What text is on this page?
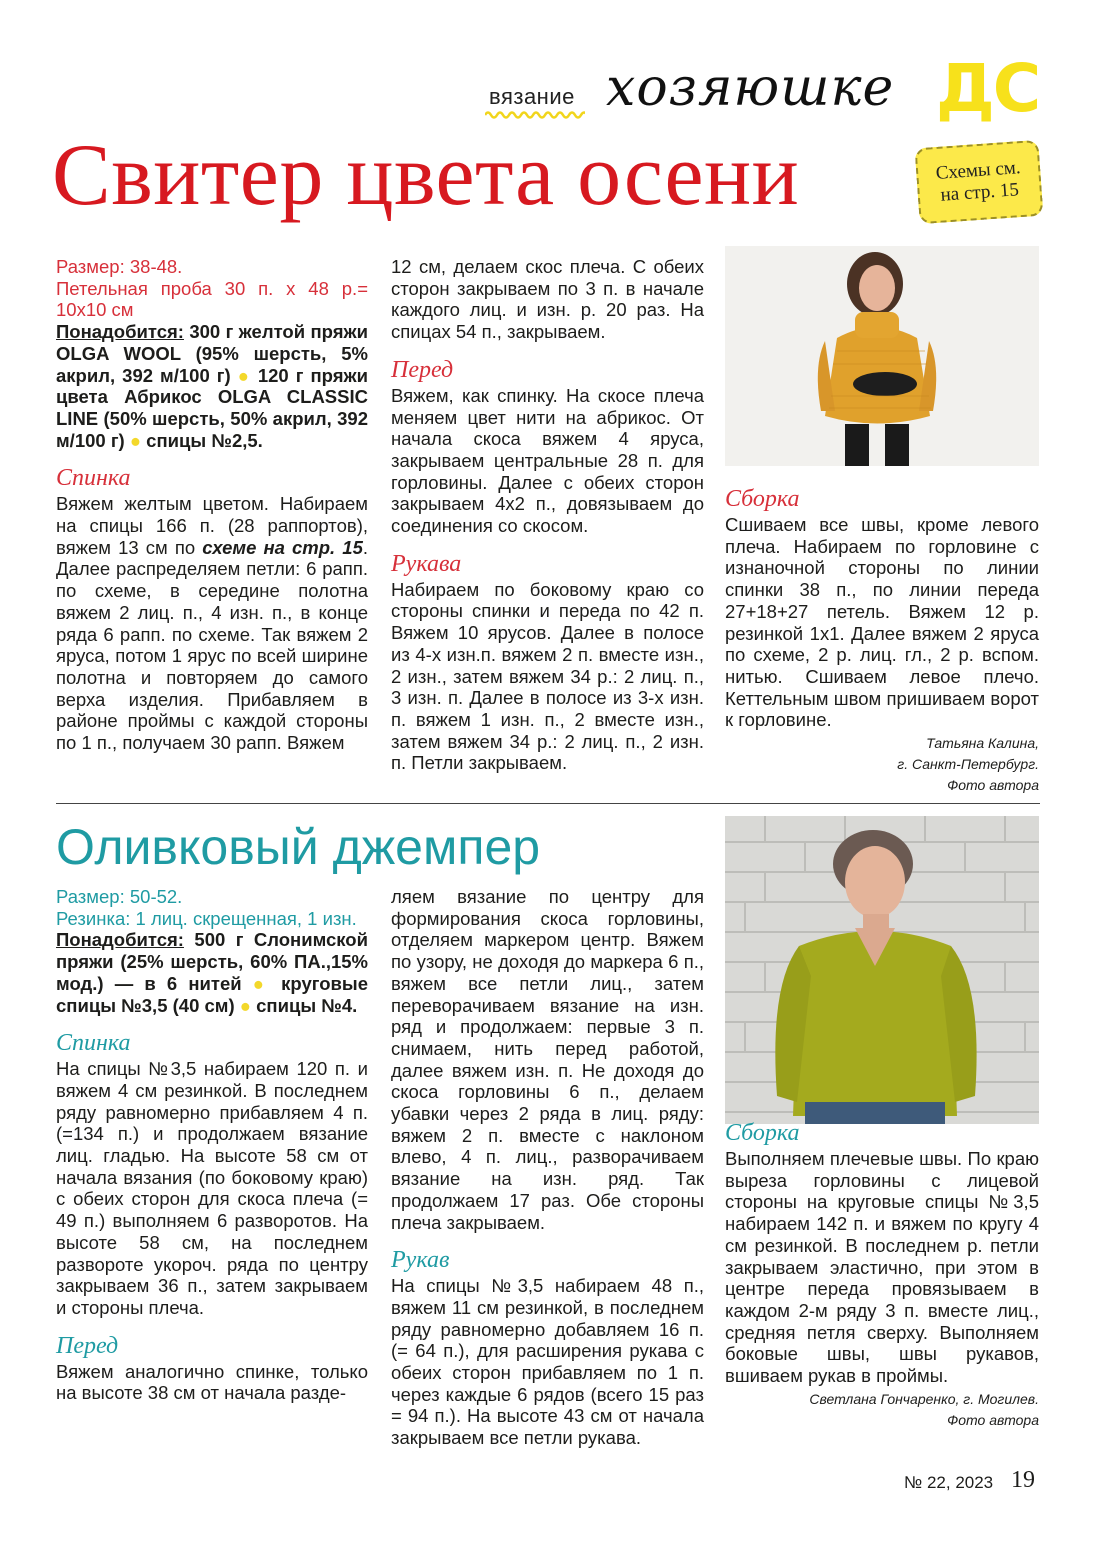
вязание хозяюшке ДС
Свитер цвета осени	Схемы см.
на стр. 15

Размер: 38-48.

Петельная проба 30 п. х 48 р.= 10х10 см

Понадобится: 300 г желтой пряжи OLGA WOOL (95% шерсть, 5% акрил, 392 м/100 г) ● 120 г пряжи цвета Абрикос OLGA CLASSIC LINE (50% шерсть, 50% акрил, 392 м/100 г) ● спицы №2,5.

Спинка

Вяжем желтым цветом. Набираем на спицы 166 п. (28 раппортов), вяжем 13 см по схеме на стр. 15. Далее распределяем петли: 6 рапп. по схеме, в середине полотна вяжем 2 лиц. п., 4 изн. п., в конце ряда 6 рапп. по схеме. Так вяжем 2 яруса, потом 1 ярус по всей ширине полотна и повторяем до самого верха изделия. Прибавляем в районе проймы с каждой стороны по 1 п., получаем 30 рапп. Вяжем

12 см, делаем скос плеча. С обеих сторон закрываем по 3 п. в начале каждого лиц. и изн. р. 20 раз. На спицах 54 п., закрываем.

Перед

Вяжем, как спинку. На скосе плеча меняем цвет нити на абрикос. От начала скоса вяжем 4 яруса, закрываем центральные 28 п. для горловины. Далее с обеих сторон закрываем 4х2 п., довязываем до соединения со скосом.

Рукава

Набираем по боковому краю со стороны спинки и переда по 42 п. Вяжем 10 ярусов. Далее в полосе из 4-х изн.п. вяжем 2 п. вместе изн., 2 изн., затем вяжем 34 р.: 2 лиц. п., 3 изн. п. Далее в полосе из 3-х изн. п. вяжем 1 изн. п., 2 вместе изн., затем вяжем 34 р.: 2 лиц. п., 2 изн. п. Петли закрываем.

Сборка

Сшиваем все швы, кроме левого плеча. Набираем по горловине с изнаночной стороны по линии спинки 38 п., по линии переда 27+18+27 петель. Вяжем 12 р. резинкой 1х1. Далее вяжем 2 яруса по схеме, 2 р. лиц. гл., 2 р. вспом. нитью. Сшиваем левое плечо. Кеттельным швом пришиваем ворот к горловине.

Татьяна Калина,
г. Санкт-Петербург.
Фото автора
Оливковый джемпер

Размер: 50-52.

Резинка: 1 лиц. скрещенная, 1 изн.

Понадобится: 500 г Слонимской пряжи (25% шерсть, 60% ПА.,15% мод.) — в 6 нитей ● круговые спицы №3,5 (40 см) ● спицы №4.

Спинка

На спицы №3,5 набираем 120 п. и вяжем 4 см резинкой. В последнем ряду равномерно прибавляем 4 п. (=134 п.) и продолжаем вязание лиц. гладью. На высоте 58 см от начала вязания (по боковому краю) с обеих сторон для скоса плеча (= 49 п.) выполняем 6 разворотов. На высоте 58 см, на последнем развороте укороч. ряда по центру закрываем 36 п., затем закрываем и стороны плеча.

Перед

Вяжем аналогично спинке, только на высоте 38 см от начала разде-

ляем вязание по центру для формирования скоса горловины, отделяем маркером центр. Вяжем по узору, не доходя до маркера 6 п., вяжем все петли лиц., затем переворачиваем вязание на изн. ряд и продолжаем: первые 3 п. снимаем, нить перед работой, далее вяжем изн. п. Не доходя до скоса горловины 6 п., делаем убавки через 2 ряда в лиц. ряду: вяжем 2 п. вместе с наклоном влево, 4 п. лиц., разворачиваем вязание на изн. ряд. Так продолжаем 17 раз. Обе стороны плеча закрываем.

Рукав

На спицы №3,5 набираем 48 п., вяжем 11 см резинкой, в последнем ряду равномерно добавляем 16 п. (= 64 п.), для расширения рукава с обеих сторон прибавляем по 1 п. через каждые 6 рядов (всего 15 раз = 94 п.). На высоте 43 см от начала закрываем все петли рукава.

Сборка

Выполняем плечевые швы. По краю выреза горловины с лицевой стороны на круговые спицы №3,5 набираем 142 п. и вяжем по кругу 4 см резинкой. В последнем р. петли закрываем эластично, при этом в центре переда провязываем в каждом 2-м ряду 3 п. вместе лиц., средняя петля сверху. Выполняем боковые швы, швы рукавов, вшиваем рукав в проймы.

Светлана Гончаренко, г. Могилев.
Фото автора
№ 22, 2023 19
